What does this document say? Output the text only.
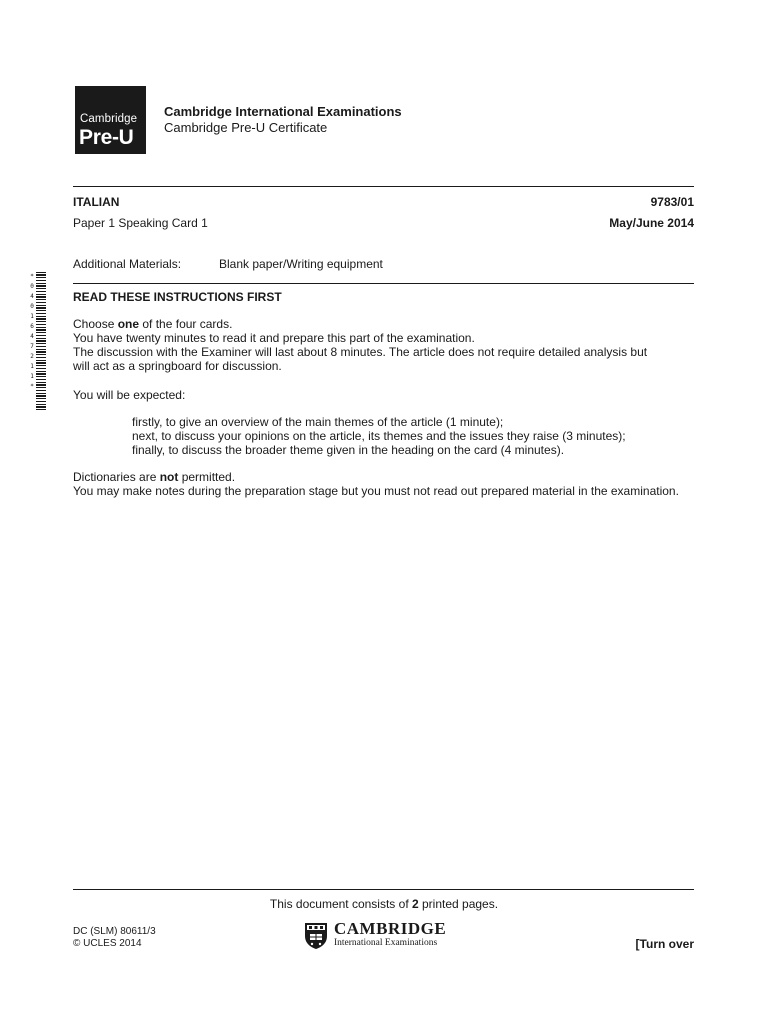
Cambridge
Pre-U
Cambridge International Examinations
Cambridge Pre-U Certificate
ITALIAN	9783/01
Paper 1 Speaking Card 1	May/June 2014
Additional Materials:	Blank paper/Writing equipment
*
0
4
0
1
6
4
7
2
1
1
*
READ THESE INSTRUCTIONS FIRST

Choose one of the four cards.

You have twenty minutes to read it and prepare this part of the examination.

The discussion with the Examiner will last about 8 minutes. The article does not require detailed analysis but

will act as a springboard for discussion.

You will be expected:

firstly, to give an overview of the main themes of the article (1 minute);

next, to discuss your opinions on the article, its themes and the issues they raise (3 minutes);

finally, to discuss the broader theme given in the heading on the card (4 minutes).

Dictionaries are not permitted.

You may make notes during the preparation stage but you must not read out prepared material in the examination.

This document consists of 2 printed pages.
DC (SLM) 80611/3
© UCLES 2014
CAMBRIDGE
International Examinations	[Turn over
